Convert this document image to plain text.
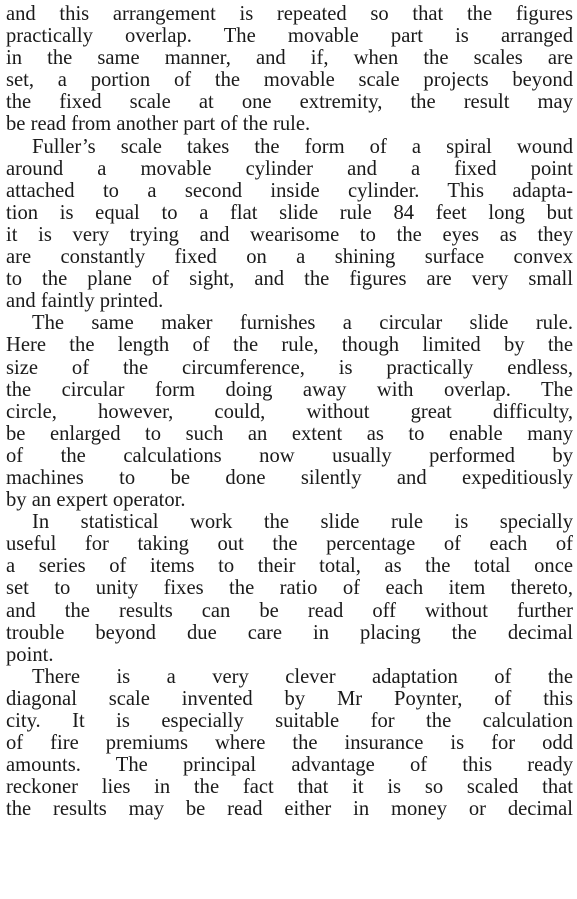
and this arrangement is repeated so that the figures
practically overlap. The movable part is arranged
in the same manner, and if, when the scales are
set, a portion of the movable scale projects beyond
the fixed scale at one extremity, the result may
be read from another part of the rule.

Fuller’s scale takes the form of a spiral wound
around a movable cylinder and a fixed point
attached to a second inside cylinder. This adapta-
tion is equal to a flat slide rule 84 feet long but
it is very trying and wearisome to the eyes as they
are constantly fixed on a shining surface convex
to the plane of sight, and the figures are very small
and faintly printed.

The same maker furnishes a circular slide rule.
Here the length of the rule, though limited by the
size of the circumference, is practically endless,
the circular form doing away with overlap. The
circle, however, could, without great difficulty,
be enlarged to such an extent as to enable many
of the calculations now usually performed by
machines to be done silently and expeditiously
by an expert operator.

In statistical work the slide rule is specially
useful for taking out the percentage of each of
a series of items to their total, as the total once
set to unity fixes the ratio of each item thereto,
and the results can be read off without further
trouble beyond due care in placing the decimal
point.

There is a very clever adaptation of the
diagonal scale invented by Mr Poynter, of this
city. It is especially suitable for the calculation
of fire premiums where the insurance is for odd
amounts. The principal advantage of this ready
reckoner lies in the fact that it is so scaled that
the results may be read either in money or decimal
